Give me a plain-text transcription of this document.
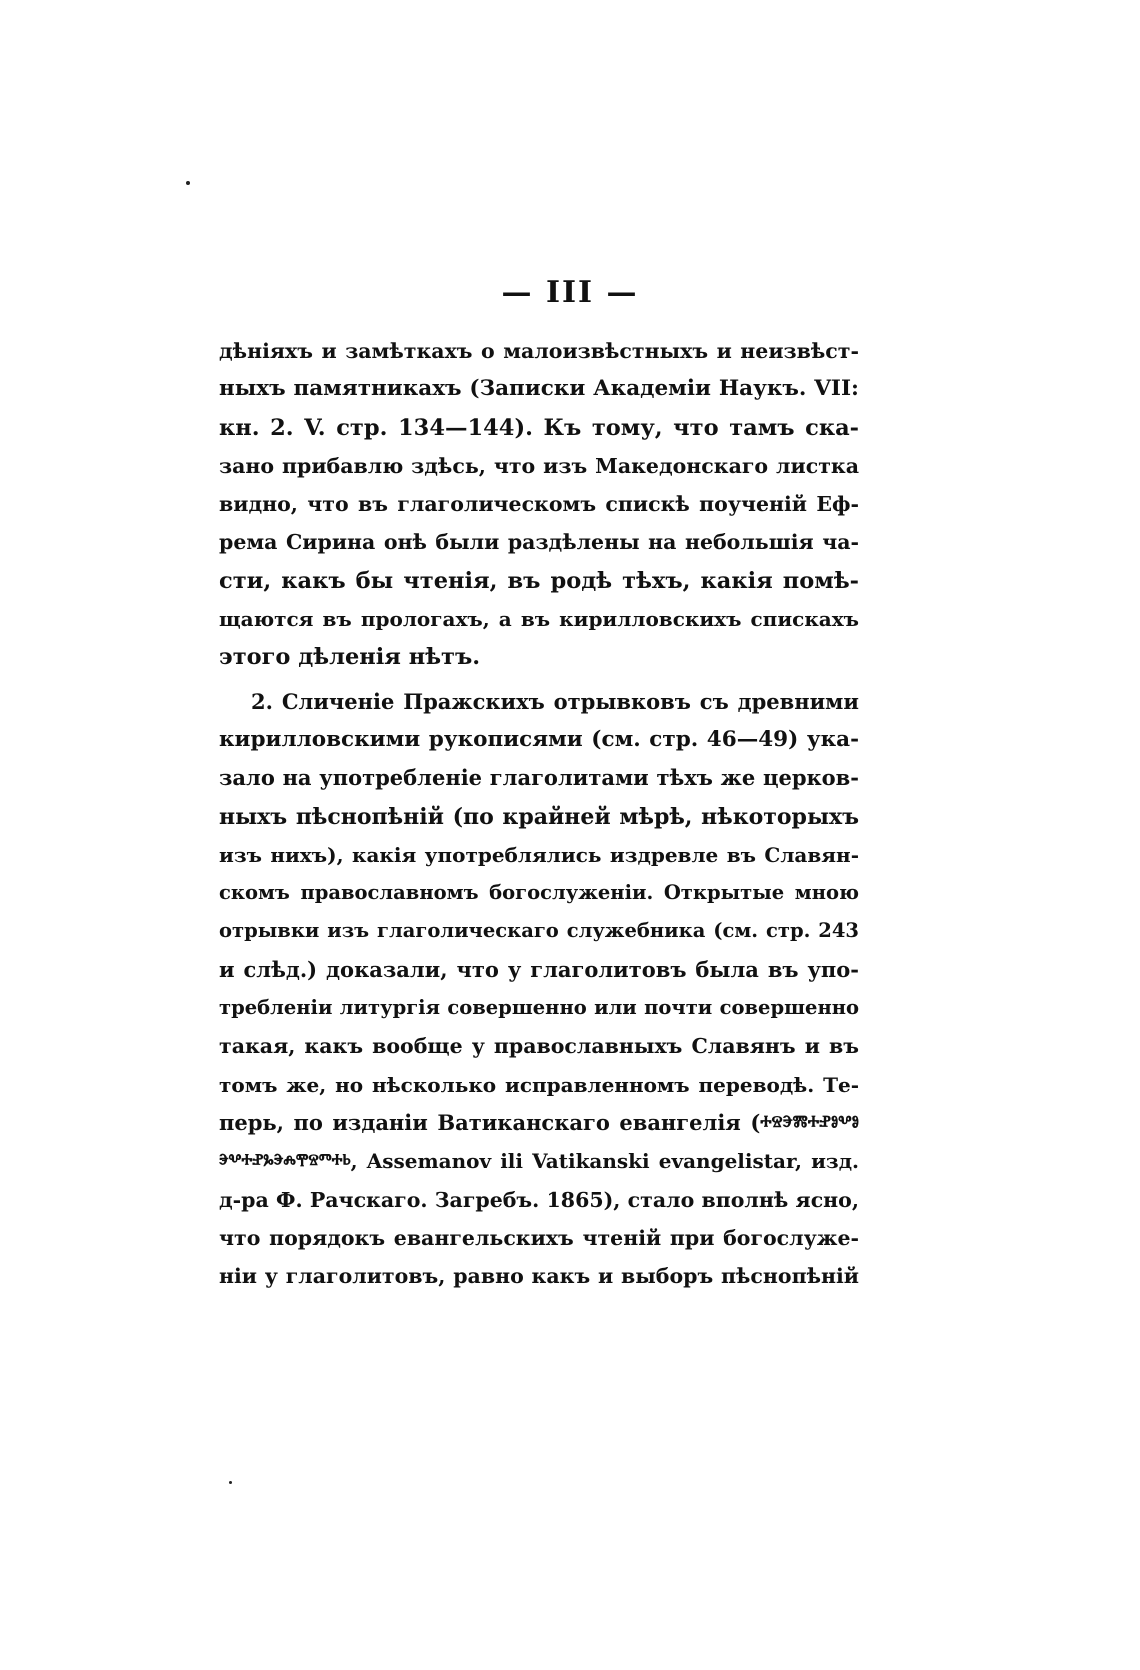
— III —
дѣніяхъ и замѣткахъ о малоизвѣстныхъ и неизвѣст-
ныхъ памятникахъ (Записки Академіи Наукъ. VII:
кн. 2. V. стр. 134—144). Къ тому, что тамъ ска-
зано прибавлю здѣсь, что изъ Македонскаго листка
видно, что въ глаголическомъ спискѣ поученій Еф-
рема Сирина онѣ были раздѣлены на небольшія ча-
сти, какъ бы чтенія, въ родѣ тѣхъ, какія помѣ-
щаются въ прологахъ, а въ кирилловскихъ спискахъ
этого дѣленія нѣтъ.
2. Сличеніе Пражскихъ отрывковъ съ древними
кирилловскими рукописями (см. стр. 46—49) ука-
зало на употребленіе глаголитами тѣхъ же церков-
ныхъ пѣснопѣній (по крайней мѣрѣ, нѣкоторыхъ
изъ нихъ), какія употреблялись издревле въ Славян-
скомъ православномъ богослуженіи. Открытые мною
отрывки изъ глаголическаго служебника (см. стр. 243
и слѣд.) доказали, что у глаголитовъ была въ упо-
требленіи литургія совершенно или почти совершенно
такая, какъ вообще у православныхъ Славянъ и въ
томъ же, но нѣсколько исправленномъ переводѣ. Те-
перь, по изданіи Ватиканскаго евангелія (ⰰⱄⰵⰿⰰⱀⱁⰲⱁ
ⰵⰲⰰⱀⰳⰵⰾⰹⱄⱅⰰⱃ, Assemanov ili Vatikanski evangelistar, изд.
д-ра Ф. Рачскаго. Загребъ. 1865), стало вполнѣ ясно,
что порядокъ евангельскихъ чтеній при богослуже-
ніи у глаголитовъ, равно какъ и выборъ пѣснопѣній
